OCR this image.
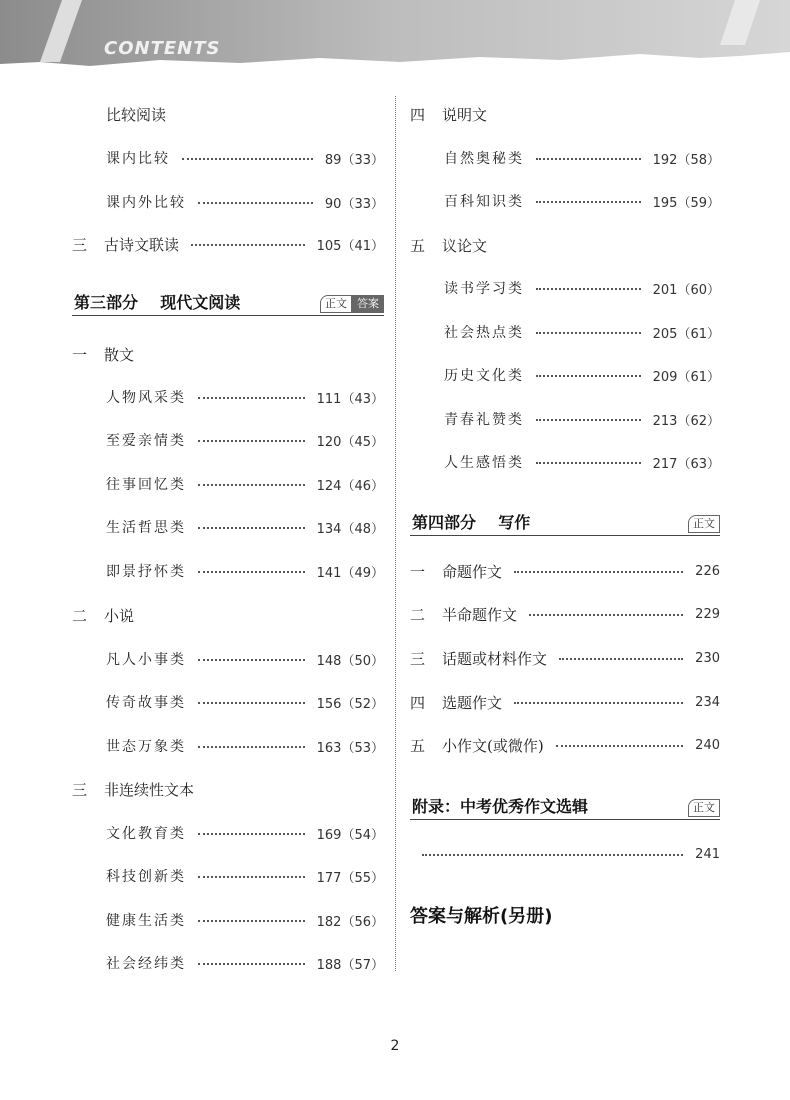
CONTENTS
比较阅读
课内比较	89（33）
课内外比较	90（33）
三	古诗文联读	105（41）
第三部分    现代文阅读	正文 答案
一	散文
人物风采类	111（43）
至爱亲情类	120（45）
往事回忆类	124（46）
生活哲思类	134（48）
即景抒怀类	141（49）
二	小说
凡人小事类	148（50）
传奇故事类	156（52）
世态万象类	163（53）
三	非连续性文本
文化教育类	169（54）
科技创新类	177（55）
健康生活类	182（56）
社会经纬类	188（57）
四	说明文
自然奥秘类	192（58）
百科知识类	195（59）
五	议论文
读书学习类	201（60）
社会热点类	205（61）
历史文化类	209（61）
青春礼赞类	213（62）
人生感悟类	217（63）
第四部分    写作	正文
一	命题作文	226
二	半命题作文	229
三	话题或材料作文	230
四	选题作文	234
五	小作文(或微作)	240
附录：中考优秀作文选辑	正文
241
答案与解析(另册)
2
